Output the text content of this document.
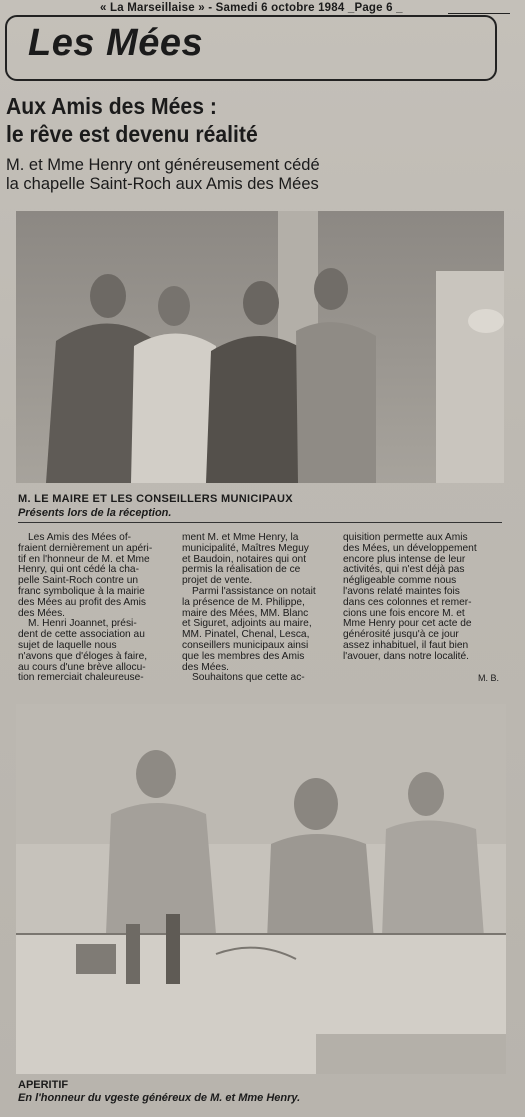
« La Marseillaise » - Samedi 6 octobre 1984 _Page 6 _
Les Mées
Aux Amis des Mées :
le rêve est devenu réalité
M. et Mme Henry ont généreusement cédé
la chapelle Saint-Roch aux Amis des Mées
M. LE MAIRE ET LES CONSEILLERS MUNICIPAUX
Présents lors de la réception.

Les Amis des Mées of-

fraient dernièrement un apéri-

tif en l'honneur de M. et Mme

Henry, qui ont cédé la cha-

pelle Saint-Roch contre un

franc symbolique à la mairie

des Mées au profit des Amis

des Mées.

M. Henri Joannet, prési-

dent de cette association au

sujet de laquelle nous

n'avons que d'éloges à faire,

au cours d'une brève allocu-

tion remerciait chaleureuse-

ment M. et Mme Henry, la

municipalité, Maîtres Meguy

et Baudoin, notaires qui ont

permis la réalisation de ce

projet de vente.

Parmi l'assistance on notait

la présence de M. Philippe,

maire des Mées, MM. Blanc

et Siguret, adjoints au maire,

MM. Pinatel, Chenal, Lesca,

conseillers municipaux ainsi

que les membres des Amis

des Mées.

Souhaitons que cette ac-

quisition permette aux Amis

des Mées, un développement

encore plus intense de leur

activités, qui n'est déjà pas

négligeable comme nous

l'avons relaté maintes fois

dans ces colonnes et remer-

cions une fois encore M. et

Mme Henry pour cet acte de

générosité jusqu'à ce jour

assez inhabituel, il faut bien

l'avouer, dans notre localité.

M. B.
APERITIF
En l'honneur du vgeste généreux de M. et Mme Henry.
